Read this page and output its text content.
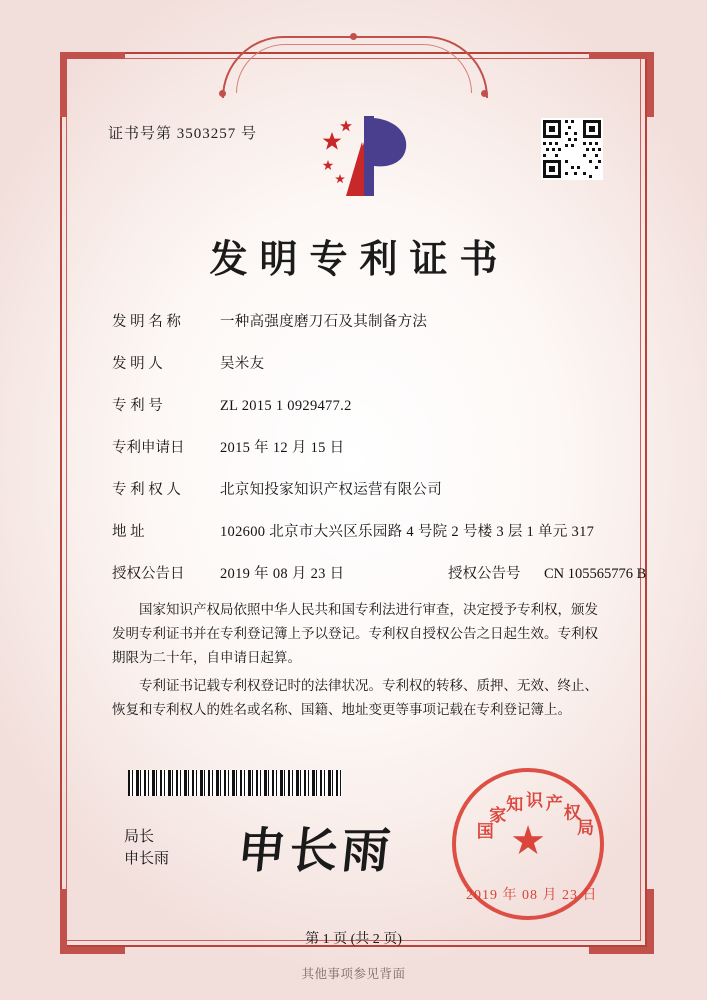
证书号第 3503257 号
发明专利证书
发 明 名 称	一种高强度磨刀石及其制备方法
发 明 人	吴米友
专 利 号	ZL 2015 1 0929477.2
专利申请日	2015 年 12 月 15 日
专 利 权 人	北京知投家知识产权运营有限公司
地 址	102600 北京市大兴区乐园路 4 号院 2 号楼 3 层 1 单元 317
授权公告日	2019 年 08 月 23 日	授权公告号	CN 105565776 B

国家知识产权局依照中华人民共和国专利法进行审查，决定授予专利权，颁发发明专利证书并在专利登记簿上予以登记。专利权自授权公告之日起生效。专利权期限为二十年，自申请日起算。

专利证书记载专利权登记时的法律状况。专利权的转移、质押、无效、终止、恢复和专利权人的姓名或名称、国籍、地址变更等事项记载在专利登记簿上。

局长
申长雨 申长雨	★
国
家
知 识 产 权
局
2019 年 08 月 23 日
第 1 页 (共 2 页)
其他事项参见背面
